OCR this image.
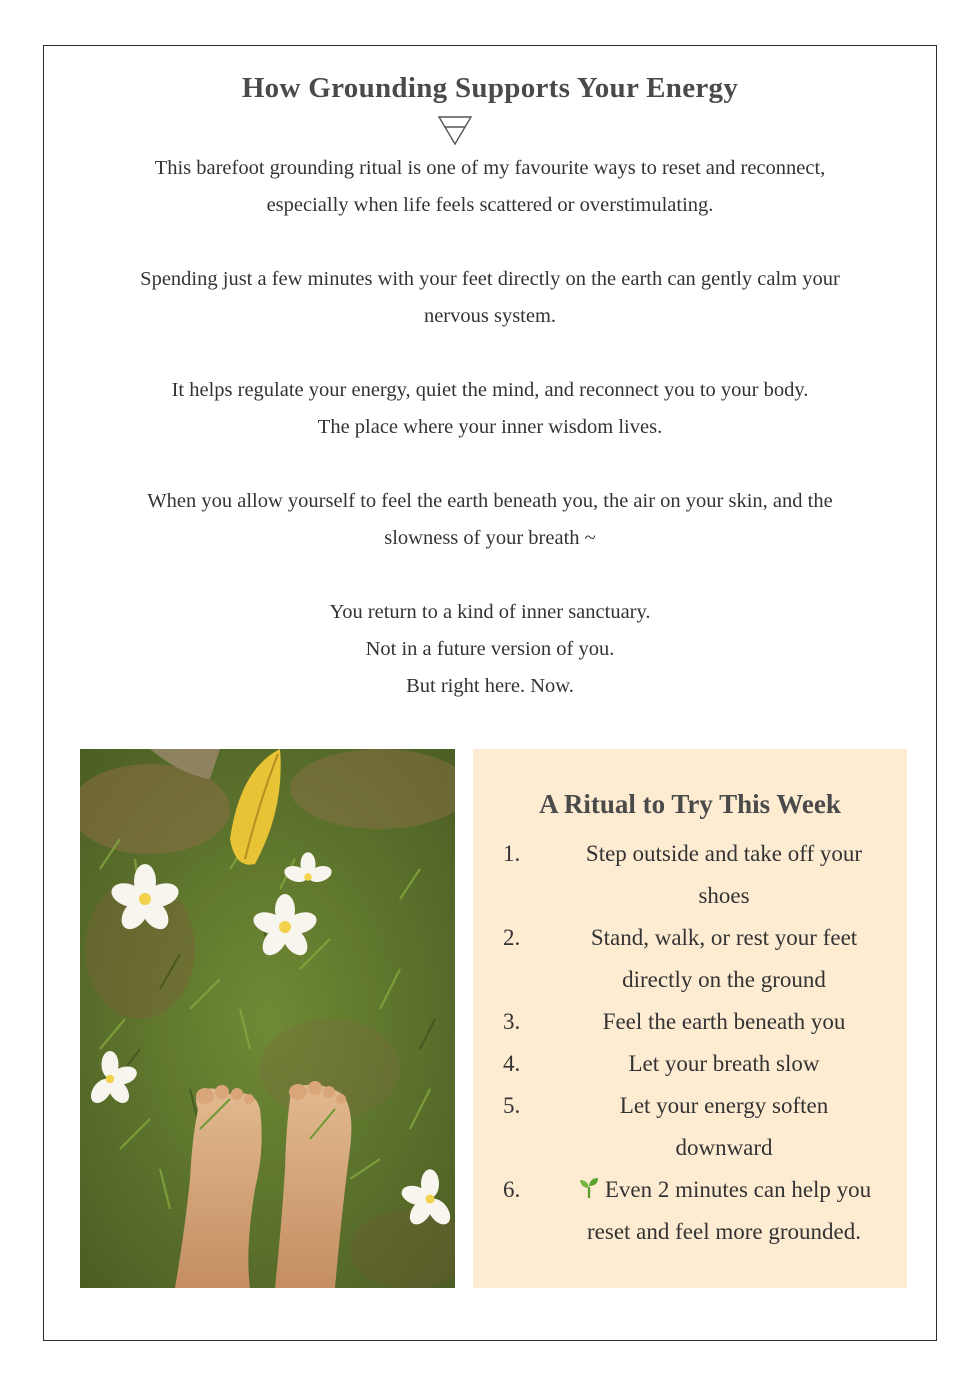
How Grounding Supports Your Energy

This barefoot grounding ritual is one of my favourite ways to reset and reconnect,

especially when life feels scattered or overstimulating.

Spending just a few minutes with your feet directly on the earth can gently calm your

nervous system.

It helps regulate your energy, quiet the mind, and reconnect you to your body.

The place where your inner wisdom lives.

When you allow yourself to feel the earth beneath you, the air on your skin, and the

slowness of your breath ~

You return to a kind of inner sanctuary.

Not in a future version of you.

But right here. Now.

A Ritual to Try This Week
1.	Step outside and take off your
shoes
2.	Stand, walk, or rest your feet
directly on the ground
3.	Feel the earth beneath you
4.	Let your breath slow
5.	Let your energy soften
downward
6.	Even 2 minutes can help you
reset and feel more grounded.
